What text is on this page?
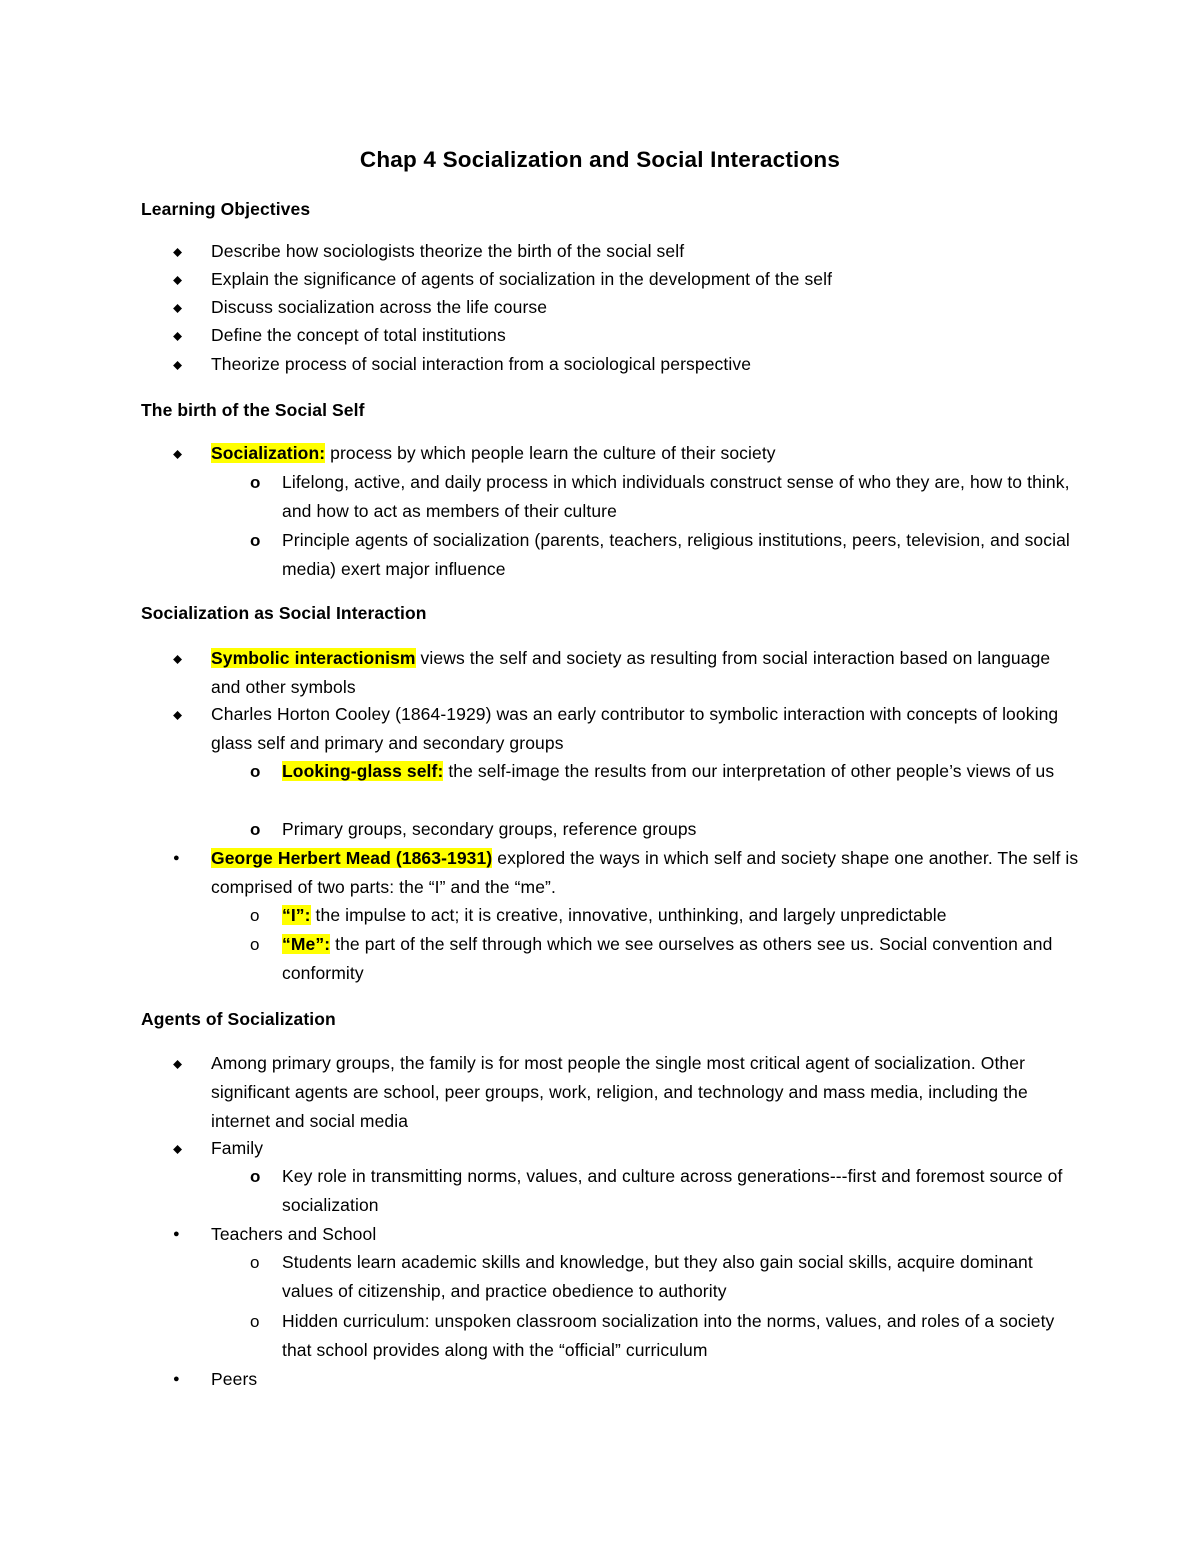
Chap 4 Socialization and Social Interactions
Learning Objectives
⬥ Describe how sociologists theorize the birth of the social self
⬥ Explain the significance of agents of socialization in the development of the self
⬥ Discuss socialization across the life course
⬥ Define the concept of total institutions
⬥ Theorize process of social interaction from a sociological perspective
The birth of the Social Self
⬥ Socialization: process by which people learn the culture of their society
o Lifelong, active, and daily process in which individuals construct sense of who they are, how to think, and how to act as members of their culture
o Principle agents of socialization (parents, teachers, religious institutions, peers, television, and social media) exert major influence
Socialization as Social Interaction
⬥ Symbolic interactionism views the self and society as resulting from social interaction based on language and other symbols
⬥ Charles Horton Cooley (1864-1929) was an early contributor to symbolic interaction with concepts of looking glass self and primary and secondary groups
o Looking-glass self: the self-image the results from our interpretation of other people’s views of us
o Primary groups, secondary groups, reference groups
● George Herbert Mead (1863-1931) explored the ways in which self and society shape one another. The self is comprised of two parts: the “I” and the “me”.
o “I”: the impulse to act; it is creative, innovative, unthinking, and largely unpredictable
o “Me”: the part of the self through which we see ourselves as others see us. Social convention and conformity
Agents of Socialization
⬥ Among primary groups, the family is for most people the single most critical agent of socialization. Other significant agents are school, peer groups, work, religion, and technology and mass media, including the internet and social media
⬥ Family
o Key role in transmitting norms, values, and culture across generations---first and foremost source of socialization
● Teachers and School
o Students learn academic skills and knowledge, but they also gain social skills, acquire dominant values of citizenship, and practice obedience to authority
o Hidden curriculum: unspoken classroom socialization into the norms, values, and roles of a society that school provides along with the “official” curriculum
● Peers
